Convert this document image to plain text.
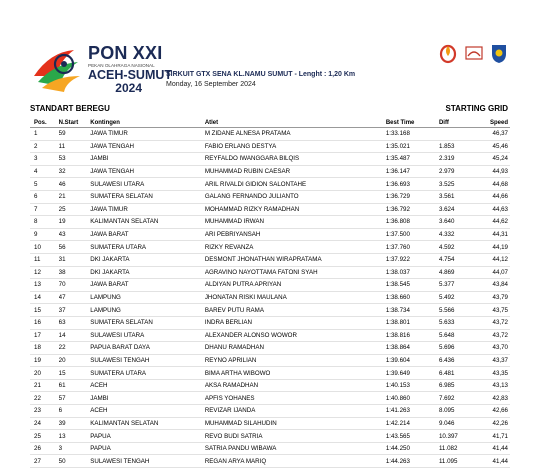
PON XXI
PEKAN OLAHRAGA NASIONAL
ACEH-SUMUT
2024
SIRKUIT GTX SENA KL.NAMU SUMUT - Lenght : 1,20 Km
Monday, 16 September 2024
STANDART BEREGU	STARTING GRID
Pos.	N.Start	Kontingen	Atlet	Best Time	Diff	Speed
1	59	JAWA TIMUR	M ZIDANE ALNESA PRATAMA	1:33.168		46,37
2	11	JAWA TENGAH	FABIO ERLANG DESTYA	1:35.021	1.853	45,46
3	53	JAMBI	REYFALDO IWANGGARA BILQIS	1:35.487	2.319	45,24
4	32	JAWA TENGAH	MUHAMMAD RUBIN CAESAR	1:36.147	2.979	44,93
5	46	SULAWESI UTARA	ARIL RIVALDI GIDION SALONTAHE	1:36.693	3.525	44,68
6	21	SUMATERA SELATAN	GALANG FERNANDO JULIANTO	1:36.729	3.561	44,66
7	25	JAWA TIMUR	MOHAMMAD RIZKY RAMADHAN	1:36.792	3.624	44,63
8	19	KALIMANTAN SELATAN	MUHAMMAD IRWAN	1:36.808	3.640	44,62
9	43	JAWA BARAT	ARI PEBRIYANSAH	1:37.500	4.332	44,31
10	56	SUMATERA UTARA	RIZKY REVANZA	1:37.760	4.592	44,19
11	31	DKI JAKARTA	DESMONT JHONATHAN WIRAPRATAMA	1:37.922	4.754	44,12
12	38	DKI JAKARTA	AGRAVINO NAYOTTAMA FATONI SYAH	1:38.037	4.869	44,07
13	70	JAWA BARAT	ALDIYAN PUTRA APRIYAN	1:38.545	5.377	43,84
14	47	LAMPUNG	JHONATAN RISKI MAULANA	1:38.660	5.492	43,79
15	37	LAMPUNG	BAREV PUTU RAMA	1:38.734	5.566	43,75
16	63	SUMATERA SELATAN	INDRA BERLIAN	1:38.801	5.633	43,72
17	14	SULAWESI UTARA	ALEXANDER ALONSO WOWOR	1:38.816	5.648	43,72
18	22	PAPUA BARAT DAYA	DHANU RAMADHAN	1:38.864	5.696	43,70
19	20	SULAWESI TENGAH	REYNO APRILIAN	1:39.604	6.436	43,37
20	15	SUMATERA UTARA	BIMA ARTHA WIBOWO	1:39.649	6.481	43,35
21	61	ACEH	AKSA RAMADHAN	1:40.153	6.985	43,13
22	57	JAMBI	APFIS YOHANES	1:40.860	7.692	42,83
23	6	ACEH	REVIZAR IJANDA	1:41.263	8.095	42,66
24	39	KALIMANTAN SELATAN	MUHAMMAD SILAHUDIN	1:42.214	9.046	42,26
25	13	PAPUA	REVO BUDI SATRIA	1:43.565	10.397	41,71
26	3	PAPUA	SATRIA PANDU WIBAWA	1:44.250	11.082	41,44
27	50	SULAWESI TENGAH	REGAN ARYA MARIQ	1:44.263	11.095	41,44
